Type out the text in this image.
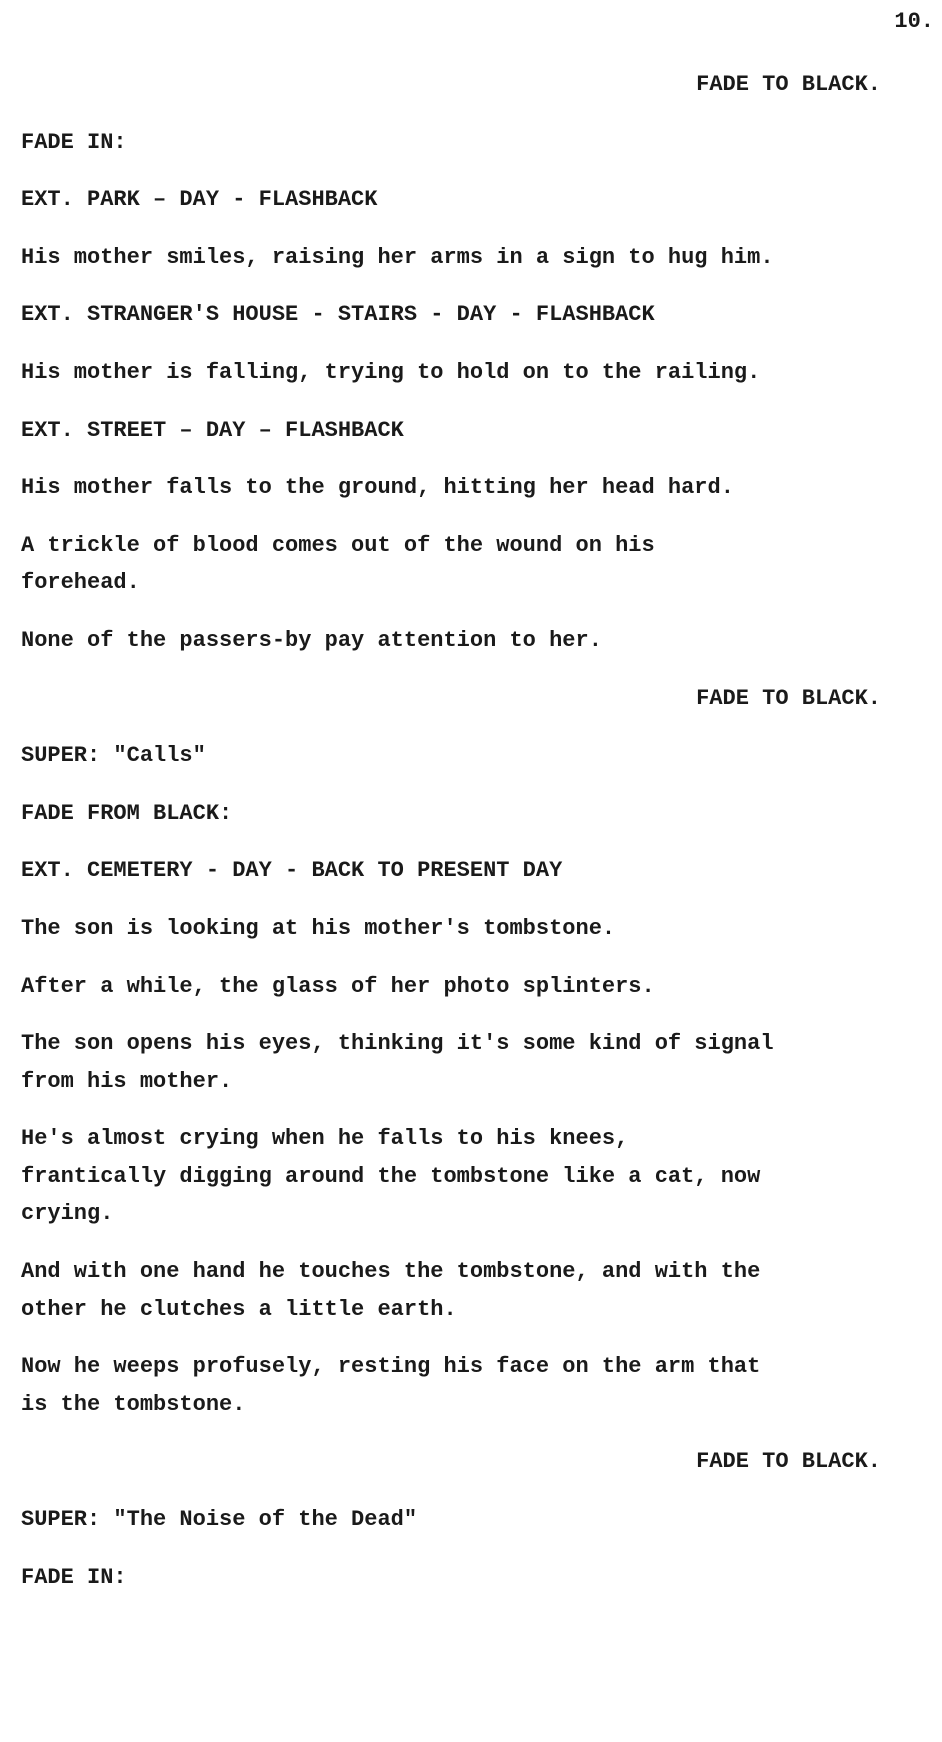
10.
FADE TO BLACK.
FADE IN:
EXT. PARK – DAY - FLASHBACK
His mother smiles, raising her arms in a sign to hug him.
EXT. STRANGER'S HOUSE - STAIRS - DAY - FLASHBACK
His mother is falling, trying to hold on to the railing.
EXT. STREET – DAY – FLASHBACK
His mother falls to the ground, hitting her head hard.
A trickle of blood comes out of the wound on his
forehead.
None of the passers-by pay attention to her.
FADE TO BLACK.
SUPER: "Calls"
FADE FROM BLACK:
EXT. CEMETERY - DAY - BACK TO PRESENT DAY
The son is looking at his mother's tombstone.
After a while, the glass of her photo splinters.
The son opens his eyes, thinking it's some kind of signal
from his mother.
He's almost crying when he falls to his knees,
frantically digging around the tombstone like a cat, now
crying.
And with one hand he touches the tombstone, and with the
other he clutches a little earth.
Now he weeps profusely, resting his face on the arm that
is the tombstone.
FADE TO BLACK.
SUPER: "The Noise of the Dead"
FADE IN:
